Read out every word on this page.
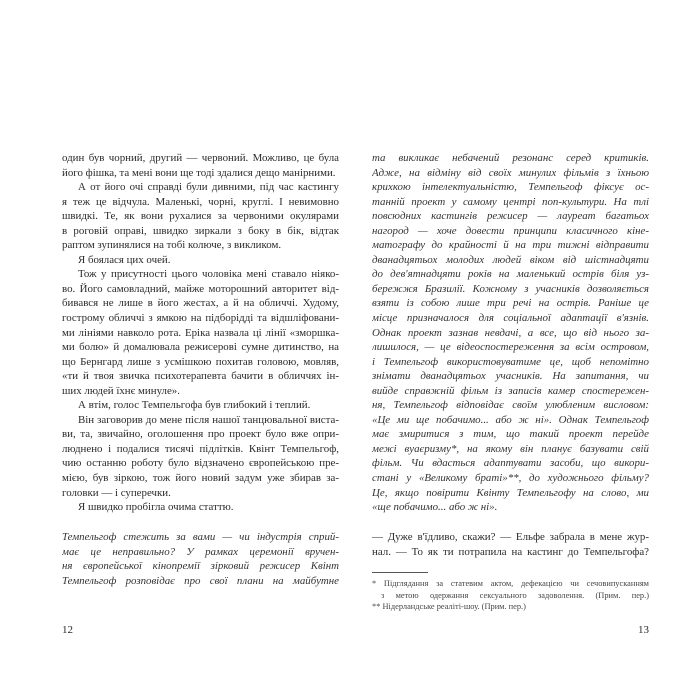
один був чорний, другий — червоний. Можливо, це була
його фішка, та мені вони ще тоді здалися дещо манірними.
А от його очі справді були дивними, під час кастингу
я теж це відчула. Маленькі, чорні, круглі. І невимовно
швидкі. Те, як вони рухалися за червоними окулярами
в роговій оправі, швидко зиркали з боку в бік, відтак
раптом зупинялися на тобі колюче, з викликом.
Я боялася цих очей.
Тож у присутності цього чоловіка мені ставало ніяко-
во. Його самовладний, майже моторошний авторитет від-
бивався не лише в його жестах, а й на обличчі. Худому,
гострому обличчі з ямкою на підборідді та відшліфовани-
ми лініями навколо рота. Еріка назвала ці лінії «зморшка-
ми болю» й домалювала режисерові сумне дитинство, на
що Бернгард лише з усмішкою похитав головою, мовляв,
«ти й твоя звичка психотерапевта бачити в обличчях ін-
ших людей їхнє минуле».
А втім, голос Темпельгофа був глибокий і теплий.
Він заговорив до мене після нашої танцювальної виста-
ви, та, звичайно, оголошення про проект було вже опри-
люднено і подалися тисячі підлітків. Квінт Темпельгоф,
чию останню роботу було відзначено європейською пре-
мією, був зіркою, тож його новий задум уже збирав за-
головки — і суперечки.
Я швидко пробігла очима статтю.
Темпельгоф стежить за вами — чи індустрія сприй-
має це неправильно? У рамках церемонії вручен-
ня європейської кінопремії зірковий режисер Квінт
Темпельгоф розповідає про свої плани на майбутне
12
та викликає небачений резонанс серед критиків.
Адже, на відміну від своїх минулих фільмів з їхньою
крихкою інтелектуальністю, Темпельгоф фіксує ос-
танній проект у самому центрі поп-культури. На тлі
повсюдних кастингів режисер — лауреат багатьох
нагород — хоче довести принципи класичного кіне-
матографу до крайності й на три тижні відправити
дванадцятьох молодих людей віком від шістнадцяти
до дев'ятнадцяти років на маленький острів біля уз-
бережжя Бразилії. Кожному з учасників дозволяється
взяти із собою лише три речі на острів. Раніше це
місце призначалося для соціальної адаптації в'язнів.
Однак проект зазнав невдачі, а все, що від нього за-
лишилося, — це відеоспостереження за всім островом,
і Темпельгоф використовуватиме це, щоб непомітно
знімати дванадцятьох учасників. На запитання, чи
вийде справжній фільм із записів камер спостережен-
ня, Темпельгоф відповідає своїм улюбленим висловом:
«Це ми ще побачимо... або ж ні». Однак Темпельгоф
має змиритися з тим, що такий проект перейде
межі вуаєризму*, на якому він планує базувати свій
фільм. Чи вдасться адаптувати засоби, що викори-
стані у «Великому браті»**, до художнього фільму?
Це, якщо повірити Квінту Темпельгофу на слово, ми
«ще побачимо... або ж ні».
— Дуже в'їдливо, скажи? — Ельфе забрала в мене жур-
нал. — То як ти потрапила на кастинг до Темпельгофа?
* Підглядання за статевим актом, дефекацією чи сечовипусканням
з метою одержання сексуального задоволення. (Прим. пер.)
** Нідерландське реаліті-шоу. (Прим. пер.)
13
